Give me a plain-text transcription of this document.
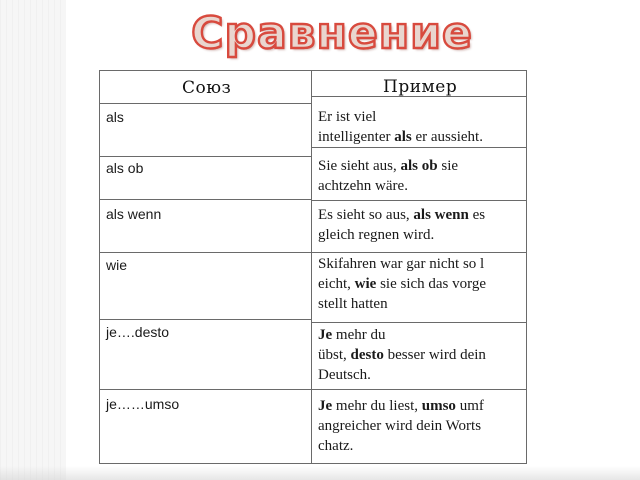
Сравнение
Союз	Пример
als
als ob
als wenn
wie
je….desto
je……umso
Er ist viel
intelligenter als er aussieht.
Sie sieht aus, als ob sie
achtzehn wäre.
Es sieht so aus, als wenn es
gleich regnen wird.
Skifahren war gar nicht so l
eicht, wie sie sich das vorge
stellt hatten
Je mehr du
übst, desto besser wird dein
Deutsch.
Je mehr du liest, umso umf
angreicher wird dein Worts
chatz.
